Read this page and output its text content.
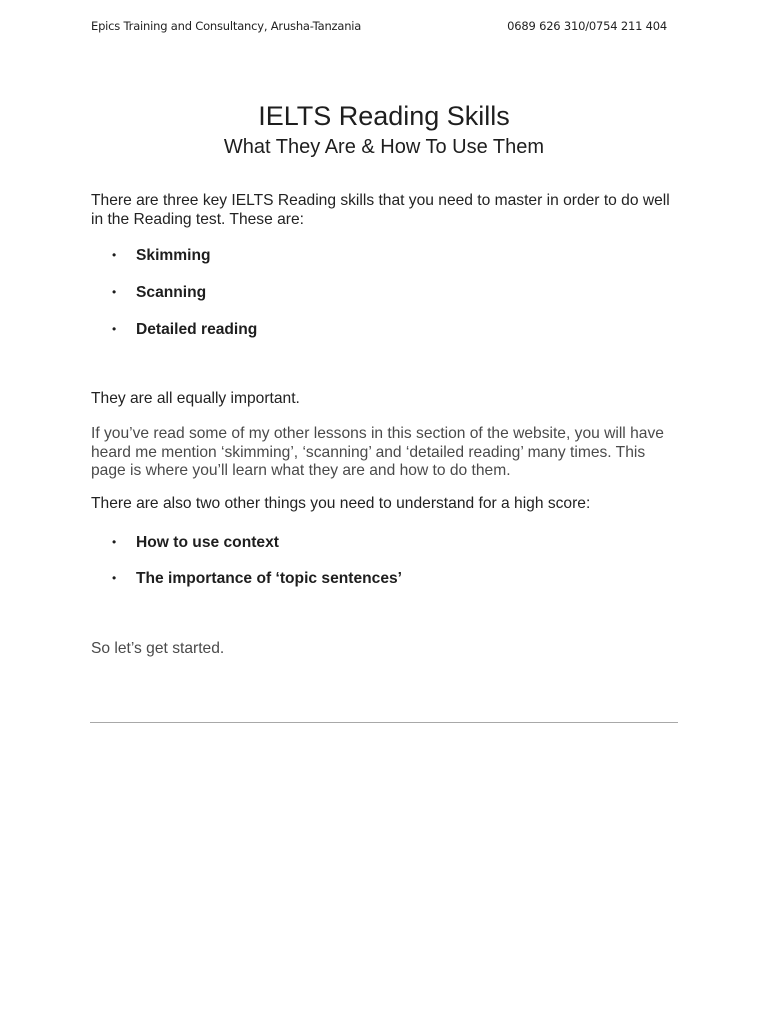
Epics Training and Consultancy, Arusha-Tanzania	0689 626 310/0754 211 404
IELTS Reading Skills
What They Are & How To Use Them

There are three key IELTS Reading skills that you need to master in order to do well
in the Reading test. These are:

• Skimming
• Scanning
• Detailed reading

They are all equally important.

If you’ve read some of my other lessons in this section of the website, you will have
heard me mention ‘skimming’, ‘scanning’ and ‘detailed reading’ many times. This
page is where you’ll learn what they are and how to do them.

There are also two other things you need to understand for a high score:

• How to use context
• The importance of ‘topic sentences’

So let’s get started.
